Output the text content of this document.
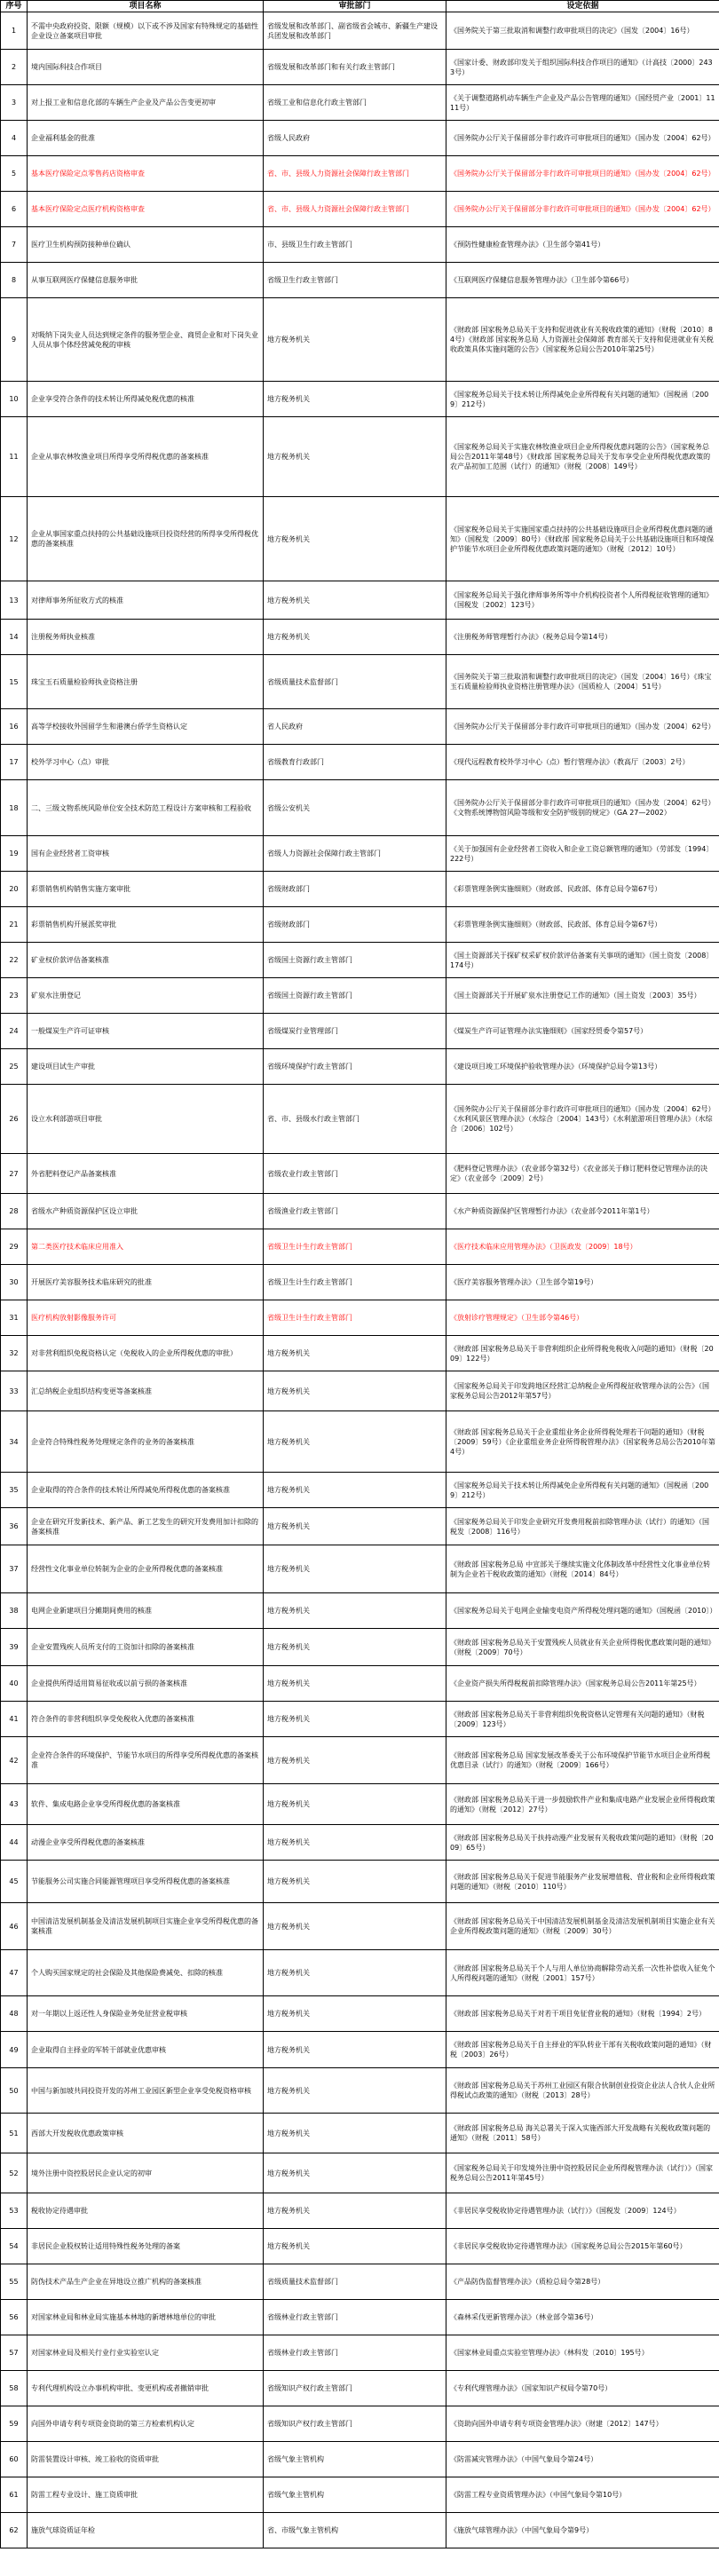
序号	项目名称	审批部门	设定依据
1	不需中央政府投资、限额（规模）以下或不涉及国家有特殊规定的基础性企业设立备案项目审批	省级发展和改革部门、副省级省会城市、新疆生产建设兵团发展和改革部门	《国务院关于第三批取消和调整行政审批项目的决定》（国发〔2004〕16号）
2	境内国际科技合作项目	省级发展和改革部门和有关行政主管部门	《国家计委、财政部印发关于组织国际科技合作项目的通知》（计高技〔2000〕2433号）
3	对上报工业和信息化部的车辆生产企业及产品公告变更初审	省级工业和信息化行政主管部门	《关于调整道路机动车辆生产企业及产品公告管理的通知》（国经贸产业〔2001〕1111号）
4	企业福利基金的批准	省级人民政府	《国务院办公厅关于保留部分非行政许可审批项目的通知》（国办发〔2004〕62号）
5	基本医疗保险定点零售药店资格审查	省、市、县级人力资源社会保障行政主管部门	《国务院办公厅关于保留部分非行政许可审批项目的通知》（国办发〔2004〕62号）
6	基本医疗保险定点医疗机构资格审查	省、市、县级人力资源社会保障行政主管部门	《国务院办公厅关于保留部分非行政许可审批项目的通知》（国办发〔2004〕62号）
7	医疗卫生机构预防接种单位确认	市、县级卫生行政主管部门	《预防性健康检查管理办法》（卫生部令第41号）
8	从事互联网医疗保健信息服务审批	省级卫生行政主管部门	《互联网医疗保健信息服务管理办法》（卫生部令第66号）
9	对吸纳下岗失业人员达到规定条件的服务型企业、商贸企业和对下岗失业人员从事个体经营减免税的审核	地方税务机关	《财政部 国家税务总局关于支持和促进就业有关税收政策的通知》（财税〔2010〕84号）《财政部 国家税务总局 人力资源社会保障部 教育部关于支持和促进就业有关税收政策具体实施问题的公告》（国家税务总局公告2010年第25号）
10	企业享受符合条件的技术转让所得减免税优惠的核准	地方税务机关	《国家税务总局关于技术转让所得减免企业所得税有关问题的通知》（国税函〔2009〕212号）
11	企业从事农林牧渔业项目所得享受所得税优惠的备案核准	地方税务机关	《国家税务总局关于实施农林牧渔业项目企业所得税优惠问题的公告》（国家税务总局公告2011年第48号）《财政部 国家税务总局关于发布享受企业所得税优惠政策的农产品初加工范围（试行）的通知》（财税〔2008〕149号）
12	企业从事国家重点扶持的公共基础设施项目投资经营的所得享受所得税优惠的备案核准	地方税务机关	《国家税务总局关于实施国家重点扶持的公共基础设施项目企业所得税优惠问题的通知》（国税发〔2009〕80号）《财政部 国家税务总局关于公共基础设施项目和环境保护节能节水项目企业所得税优惠政策问题的通知》（财税〔2012〕10号）
13	对律师事务所征收方式的核准	地方税务机关	《国家税务总局关于强化律师事务所等中介机构投资者个人所得税征收管理的通知》（国税发〔2002〕123号）
14	注册税务师执业核准	地方税务机关	《注册税务师管理暂行办法》（税务总局令第14号）
15	珠宝玉石质量检验师执业资格注册	省级质量技术监督部门	《国务院关于第三批取消和调整行政审批项目的决定》（国发〔2004〕16号）《珠宝玉石质量检验师执业资格注册管理办法》（国质检人〔2004〕51号）
16	高等学校接收外国留学生和港澳台侨学生资格认定	省人民政府	《国务院办公厅关于保留部分非行政许可审批项目的通知》（国办发〔2004〕62号）
17	校外学习中心（点）审批	省级教育行政部门	《现代远程教育校外学习中心（点）暂行管理办法》（教高厅〔2003〕2号）
18	二、三级文物系统风险单位安全技术防范工程设计方案审核和工程验收	省级公安机关	《国务院办公厅关于保留部分非行政许可审批项目的通知》（国办发〔2004〕62号）《文物系统博物馆风险等级和安全防护级别的规定》（GA 27—2002）
19	国有企业经营者工资审核	省级人力资源社会保障行政主管部门	《关于加强国有企业经营者工资收入和企业工资总额管理的通知》（劳部发〔1994〕222号）
20	彩票销售机构销售实施方案审批	省级财政部门	《彩票管理条例实施细则》（财政部、民政部、体育总局令第67号）
21	彩票销售机构开展派奖审批	省级财政部门	《彩票管理条例实施细则》（财政部、民政部、体育总局令第67号）
22	矿业权价款评估备案核准	省级国土资源行政主管部门	《国土资源部关于探矿权采矿权价款评估备案有关事项的通知》（国土资发〔2008〕174号）
23	矿泉水注册登记	省级国土资源行政主管部门	《国土资源部关于开展矿泉水注册登记工作的通知》（国土资发〔2003〕35号）
24	一般煤炭生产许可证审核	省级煤炭行业管理部门	《煤炭生产许可证管理办法实施细则》（国家经贸委令第57号）
25	建设项目试生产审批	省级环境保护行政主管部门	《建设项目竣工环境保护验收管理办法》（环境保护总局令第13号）
26	设立水利部游项目审批	省、市、县级水行政主管部门	《国务院办公厅关于保留部分非行政许可审批项目的通知》（国办发〔2004〕62号）《水利风景区管理办法》（水综合〔2004〕143号）《水利旅游项目管理办法》（水综合〔2006〕102号）
27	外省肥料登记产品备案核准	省级农业行政主管部门	《肥料登记管理办法》（农业部令第32号）《农业部关于修订肥料登记管理办法的决定》（农业部令〔2009〕2号）
28	省级水产种质资源保护区设立审批	省级渔业行政主管部门	《水产种质资源保护区管理暂行办法》（农业部令2011年第1号）
29	第二类医疗技术临床应用准入	省级卫生计生行政主管部门	《医疗技术临床应用管理办法》（卫医政发〔2009〕18号）
30	开展医疗美容服务技术临床研究的批准	省级卫生计生行政主管部门	《医疗美容服务管理办法》（卫生部令第19号）
31	医疗机构放射影像服务许可	省级卫生计生行政主管部门	《放射诊疗管理规定》（卫生部令第46号）
32	对非营利组织免税资格认定（免税收入的企业所得税优惠的审批）	地方税务机关	《财政部 国家税务总局关于非营利组织企业所得税免税收入问题的通知》（财税〔2009〕122号）
33	汇总纳税企业组织结构变更等备案核准	地方税务机关	《国家税务总局关于印发跨地区经营汇总纳税企业所得税征收管理办法的公告》（国家税务总局公告2012年第57号）
34	企业符合特殊性税务处理规定条件的业务的备案核准	地方税务机关	《财政部 国家税务总局关于企业重组业务企业所得税处理若干问题的通知》（财税〔2009〕59号）《企业重组业务企业所得税管理办法》（国家税务总局公告2010年第4号）
35	企业取得的符合条件的技术转让所得减免所得税优惠的备案核准	地方税务机关	《国家税务总局关于技术转让所得减免企业所得税有关问题的通知》（国税函〔2009〕212号）
36	企业在研究开发新技术、新产品、新工艺发生的研究开发费用加计扣除的备案核准	地方税务机关	《国家税务总局关于印发企业研究开发费用税前扣除管理办法（试行）的通知》（国税发〔2008〕116号）
37	经营性文化事业单位转制为企业的企业所得税优惠的备案核准	地方税务机关	《财政部 国家税务总局 中宣部关于继续实施文化体制改革中经营性文化事业单位转制为企业若干税收政策的通知》（财税〔2014〕84号）
38	电网企业新建项目分摊期间费用的核准	地方税务机关	《国家税务总局关于电网企业输变电资产所得税处理问题的通知》（国税函〔2010〕）
39	企业安置残疾人员所支付的工资加计扣除的备案核准	地方税务机关	《财政部 国家税务总局关于安置残疾人员就业有关企业所得税优惠政策问题的通知》（财税〔2009〕70号）
40	企业提供所得适用简易征收或以前亏损的备案核准	地方税务机关	《企业资产损失所得税税前扣除管理办法》（国家税务总局公告2011年第25号）
41	符合条件的非营利组织享受免税收入优惠的备案核准	地方税务机关	《财政部 国家税务总局关于非营利组织免税资格认定管理有关问题的通知》（财税〔2009〕123号）
42	企业符合条件的环境保护、节能节水项目的所得享受所得税优惠的备案核准	地方税务机关	《财政部 国家税务总局 国家发展改革委关于公布环境保护节能节水项目企业所得税优惠目录（试行）的通知》（财税〔2009〕166号）
43	软件、集成电路企业享受所得税优惠的备案核准	地方税务机关	《财政部 国家税务总局关于进一步鼓励软件产业和集成电路产业发展企业所得税政策的通知》（财税〔2012〕27号）
44	动漫企业享受所得税优惠的备案核准	地方税务机关	《财政部 国家税务总局关于扶持动漫产业发展有关税收政策问题的通知》（财税〔2009〕65号）
45	节能服务公司实施合同能源管理项目享受所得税优惠的备案核准	地方税务机关	《财政部 国家税务总局关于促进节能服务产业发展增值税、营业税和企业所得税政策问题的通知》（财税〔2010〕110号）
46	中国清洁发展机制基金及清洁发展机制项目实施企业享受所得税优惠的备案核准	地方税务机关	《财政部 国家税务总局关于中国清洁发展机制基金及清洁发展机制项目实施企业有关企业所得税政策问题的通知》（财税〔2009〕30号）
47	个人购买国家规定的社会保险及其他保险费减免、扣除的核准	地方税务机关	《财政部 国家税务总局关于个人与用人单位协商解除劳动关系一次性补偿收入征免个人所得税问题的通知》（财税〔2001〕157号）
48	对一年期以上返还性人身保险业务免征营业税审核	地方税务机关	《财政部 国家税务总局关于对若干项目免征营业税的通知》（财税〔1994〕2号）
49	企业取得自主择业的军转干部就业优惠审核	地方税务机关	《财政部 国家税务总局关于自主择业的军队转业干部有关税收政策问题的通知》（财税〔2003〕26号）
50	中国与新加坡共同投资开发的苏州工业园区新型企业享受免税资格审核	地方税务机关	《财政部 国家税务总局关于苏州工业园区有限合伙制创业投资企业法人合伙人企业所得税试点政策的通知》（财税〔2013〕28号）
51	西部大开发税收优惠政策审核	地方税务机关	《财政部 国家税务总局 海关总署关于深入实施西部大开发战略有关税收政策问题的通知》（财税〔2011〕58号）
52	境外注册中资控股居民企业认定的初审	地方税务机关	《国家税务总局关于印发境外注册中资控股居民企业所得税管理办法（试行）》（国家税务总局公告2011年第45号）
53	税收协定待遇审批	地方税务机关	《非居民享受税收协定待遇管理办法（试行）》（国税发〔2009〕124号）
54	非居民企业股权转让适用特殊性税务处理的备案	地方税务机关	《非居民享受税收协定待遇管理办法》（国家税务总局公告2015年第60号）
55	防伪技术产品生产企业在异地设立推广机构的备案核准	省级质量技术监督部门	《产品防伪监督管理办法》（质检总局令第28号）
56	对国家林业局和林业局实施基本林地的新增林地单位的审批	省级林业行政主管部门	《森林采伐更新管理办法》（林业部令第36号）
57	对国家林业局及相关行业行业实验室认定	省级林业行政主管部门	《国家林业局重点实验室管理办法》（林科发〔2010〕195号）
58	专利代理机构设立办事机构审批、变更机构或者撤销审批	省级知识产权行政主管部门	《专利代理管理办法》（国家知识产权局令第70号）
59	向国外申请专利专项资金资助的第三方检索机构认定	省级知识产权行政主管部门	《资助向国外申请专利专项资金管理办法》（财建〔2012〕147号）
60	防雷装置设计审核、竣工验收的资质审批	省级气象主管机构	《防雷减灾管理办法》（中国气象局令第24号）
61	防雷工程专业设计、施工资质审批	省级气象主管机构	《防雷工程专业资质管理办法》（中国气象局令第10号）
62	施放气球资质证年检	省、市级气象主管机构	《施放气球管理办法》（中国气象局令第9号）
